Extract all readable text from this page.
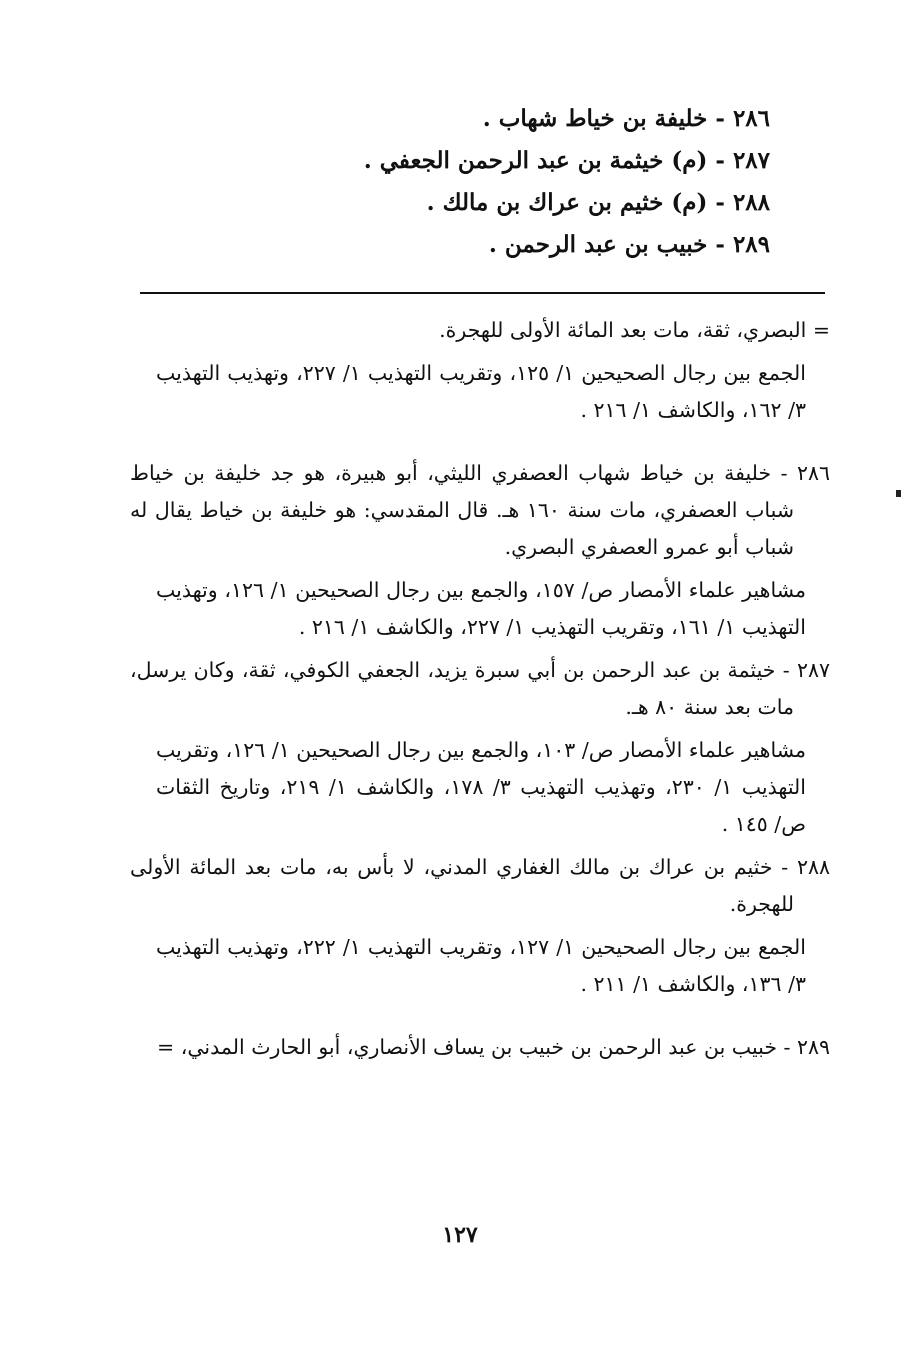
٢٨٦ - خليفة بن خياط شهاب .
٢٨٧ - (م) خيثمة بن عبد الرحمن الجعفي .
٢٨٨ - (م) خثيم بن عراك بن مالك .
٢٨٩ - خبيب بن عبد الرحمن .
= البصري، ثقة، مات بعد المائة الأولى للهجرة.
الجمع بين رجال الصحيحين ١/ ١٢٥، وتقريب التهذيب ١/ ٢٢٧، وتهذيب التهذيب ٣/ ١٦٢، والكاشف ١/ ٢١٦ .
٢٨٦ - خليفة بن خياط شهاب العصفري الليثي، أبو هبيرة، هو جد خليفة بن خياط شباب العصفري، مات سنة ١٦٠ هـ. قال المقدسي: هو خليفة بن خياط يقال له شباب أبو عمرو العصفري البصري.
مشاهير علماء الأمصار ص/ ١٥٧، والجمع بين رجال الصحيحين ١/ ١٢٦، وتهذيب التهذيب ١/ ١٦١، وتقريب التهذيب ١/ ٢٢٧، والكاشف ١/ ٢١٦ .
٢٨٧ - خيثمة بن عبد الرحمن بن أبي سبرة يزيد، الجعفي الكوفي، ثقة، وكان يرسل، مات بعد سنة ٨٠ هـ.
مشاهير علماء الأمصار ص/ ١٠٣، والجمع بين رجال الصحيحين ١/ ١٢٦، وتقريب التهذيب ١/ ٢٣٠، وتهذيب التهذيب ٣/ ١٧٨، والكاشف ١/ ٢١٩، وتاريخ الثقات ص/ ١٤٥ .
٢٨٨ - خثيم بن عراك بن مالك الغفاري المدني، لا بأس به، مات بعد المائة الأولى للهجرة.
الجمع بين رجال الصحيحين ١/ ١٢٧، وتقريب التهذيب ١/ ٢٢٢، وتهذيب التهذيب ٣/ ١٣٦، والكاشف ١/ ٢١١ .
٢٨٩ - خبيب بن عبد الرحمن بن خبيب بن يساف الأنصاري، أبو الحارث المدني، =
١٢٧
